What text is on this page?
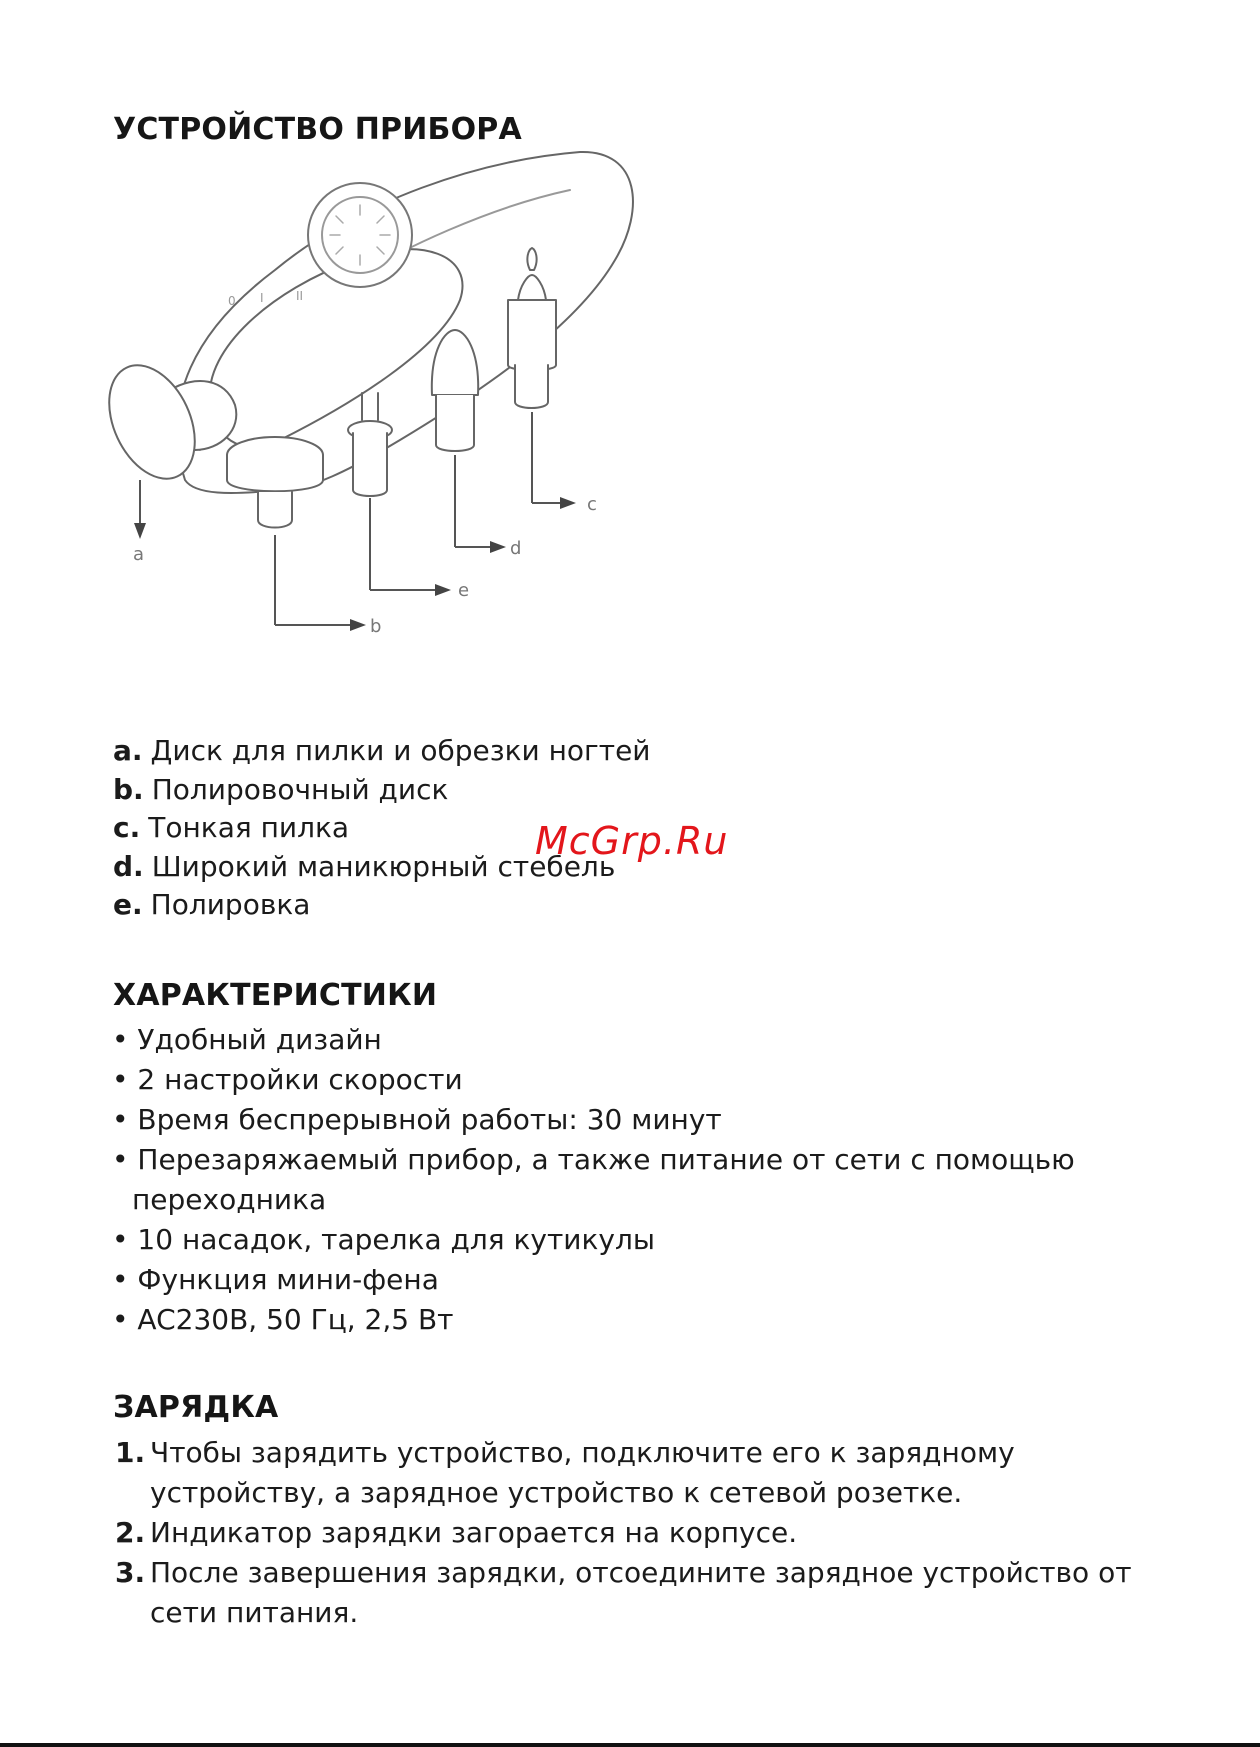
УСТРОЙСТВО ПРИБОРА
a
b
c
d
e
0 I	II
a. Диск для пилки и обрезки ногтей
b. Полировочный диск
c. Тонкая пилка
d. Широкий маникюрный стебель
e. Полировка

McGrp.Ru

ХАРАКТЕРИСТИКИ
• Удобный дизайн
• 2 настройки скорости
• Время беспрерывной работы: 30 минут
• Перезаряжаемый прибор, а также питание от сети с помощью переходника
• 10 насадок, тарелка для кутикулы
• Функция мини-фена
• AC230В, 50 Гц, 2,5 Вт
ЗАРЯДКА
1. Чтобы зарядить устройство, подключите его к зарядному устройству, а зарядное устройство к сетевой розетке.
2. Индикатор зарядки загорается на корпусе.
3. После завершения зарядки, отсоедините зарядное устройство от сети питания.
